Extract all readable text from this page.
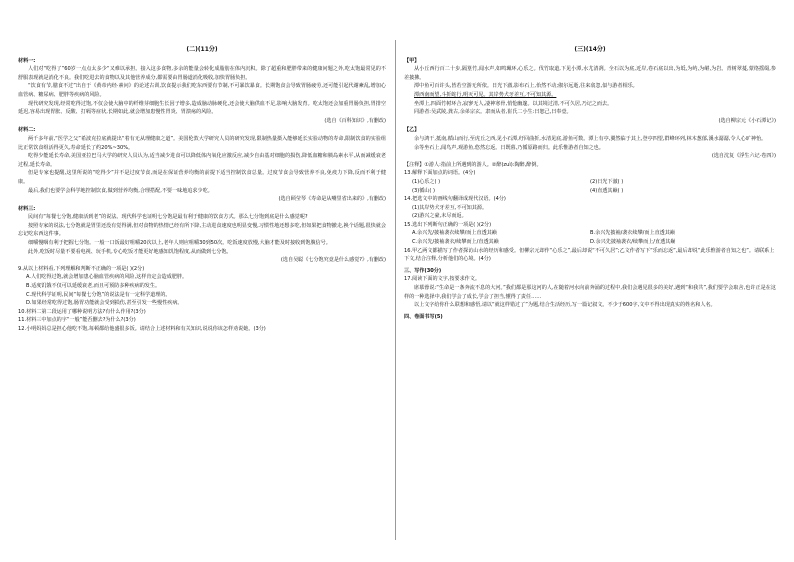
(二)(11分)
材料一:

人们对“吃得了”60岁一点点太多少“又难以承担。接入这多食物,多余的能量会转化成脂肪在体内沉积。除了超重和肥胖带来的健康问题之外,吃太饱最常见的不舒服表现就是消化不良。我们吃进去的食物以及其他营养成分,都需要由胃肠道消化吸收,加快胃肠负担。

“饮食有节,膳食不过”出自于《黄帝内经·素问》的论述古训,饮食提示我们吃东西要有节制,不可暴饮暴食。长期饱食会导致胃肠疲劳,还可能引起代谢紊乱,增加心血管病、糖尿病、肥胖等疾病的风险。

现代研究发现,经常吃得过饱,不仅会使大脑中的纤维芽细胞生长因子增多,造成脑动脉硬化,还会使大脑供血不足,影响大脑发育。吃太饱还会加重胃肠负担,胃排空延迟,容易出现胃胀、反酸、打嗝等症状,长期如此,就会增加患慢性胃炎、胃溃疡的风险。

(选自《百科知识》,有删改)

材料二:

两千多年前,“医学之父”希波克拉底就提出“着有无从理健康之道”。美国伦敦大学研究人员的研究发现,限制热量摄入能够延长实验动物的寿命,限制饮食的实验组比正常饮食组活得更久,寿命延长了约20%~30%。

吃得少能延长寿命,美国亚拉巴马大学的研究人员认为,适当减少进食可以降低体内氧化应激反应,减少自由基对细胞的损伤,降低血糖和胰岛素水平,从而减缓衰老过程,延长寿命。

但是专家也提醒,这里所说的“吃得少”并不是过度节食,而是在保证营养均衡的前提下适当控制饮食总量。过度节食会导致营养不良,免疫力下降,反而不利于健康。

最后,我们也要学会科学地控制饮食,做到营养均衡,合理搭配,不要一味地追求少吃。

(选自顾莹琴《寿命是从嘴里省出来的》,有删改)

材料三:

民间有“每餐七分饱,健康活到老”的说法。现代科学也证明七分饱是最有利于健康的饮食方式。那么七分饱到底是什么感觉呢?

按照专家的说法,七分饱就是胃里还没有觉得满,但对食物的热情已经有所下降,主动进食速度也明显变慢,习惯性地还想多吃,但如果把食物撤走,换个话题,很快就会忘记吃东西这件事。

细嚼慢咽有利于把握七分饱。一般一口饭最好咀嚼20次以上,老年人则应咀嚼30到50次。吃饭速度放慢,大脑才能及时接收到饱腹信号。

此外,吃饭时尽量不要看电视、玩手机,专心吃饭才能更好地感知饥饱程度,从而做到七分饱。

(选自吴聪《七分饱究竟是什么感觉?》,有删改)

9.从以上材料看,下列理解和判断不正确的一项是( )(2分)

A.人们吃得过饱,就会增加患心脑血管疾病的风险,这样肯定会造成肥胖。

B.适度饥饿不仅可以延缓衰老,而且可预防多种疾病的发生。

C.现代科学证明,民间“每餐七分饱”的说法是有一定科学道理的。

D.如果经常吃得过饱,肠胃功能就会受到损伤,甚至引发一些慢性疾病。

10.材料二第二段运用了哪种说明方法?有什么作用?(3分)

11.材料三中加点的字“一般”能否删去?为什么?(3分)

12.小明妈妈总是担心他吃不饱,每顿都给他盛很多饭。请结合上述材料和有关知识,说说你该怎样劝说她。(3分)

(三)(14分)
【甲】

从小丘西行百二十步,隔篁竹,闻水声,如鸣珮环,心乐之。伐竹取道,下见小潭,水尤清冽。全石以为底,近岸,卷石底以出,为坻,为屿,为嵁,为岩。青树翠蔓,蒙络摇缀,参差披拂。

潭中鱼可百许头,皆若空游无所依。日光下澈,影布石上,佁然不动;俶尔远逝,往来翕忽,似与游者相乐。

潭西南而望,斗折蛇行,明灭可见。其岸势犬牙差互,不可知其源。

坐潭上,四面竹树环合,寂寥无人,凄神寒骨,悄怆幽邃。以其境过清,不可久居,乃记之而去。

同游者:吴武陵,龚古,余弟宗玄。隶而从者,崔氏二小生:曰恕己,曰奉壹。

(选自柳宗元《小石潭记》)

【乙】

余与鸿干,抵南,循山而行,至虎丘之西,见小石潭,纡回曲折,水清见底,游鱼可数。潭上有亭,翼然临于其上,登亭四望,群峰环列,林木葱郁,溪水潺潺,令人心旷神怡。

余等坐石上,闻鸟声,观游鱼,悠然忘返。日既暮,乃循原路而归。此乐惟游者自知之也。

(选自沈复《浮生六记·卷四》)

【注释】①游人:指前上所遇到的游人。②醉(zuì):陶醉,醉倒。

13.解释下面加点的词语。(4分)

(1)心乐之( )	(2)日光下澈( )
(3)循山( )	(4)直透其巅( )

14.把选文中的画线句翻译成现代汉语。(4分)

(1)其岸势犬牙差互,不可知其源。

(2)游兴之豪,未尽而返。

15.选出下列断句正确的一项是( )(2分)

A.余兴先/披袖袭衣续攀/而上直透其巅	B.余兴先披袖/袭衣续攀/而上直透其巅
C.余兴先/披袖袭衣/续攀而上/直透其巅	D.余兴先披袖袭衣/续攀而上/直透其巅

16.甲乙两文都描写了作者探访山水的经历和感受。但柳宗元却作“心乐之”,最后却说“不可久居”;乙文作者写下“乐而忘返”,最后却说“此乐惟游者自知之也”。请联系上下文,结合注释,分析他们的心境。(4分)

三、写作(30分)

17.阅读下面的文字,按要求作文。

席慕蓉说:“生命是一条奔流不息的大河。”我们都是那这河的人,在随着河水向前奔涌的过程中,我们会遇见很多的美好,遇到“和我共”,我们要学会取舍,也许正是在这样的一种选择中,我们学会了成长,学会了担当,懂得了责任……

以上文字给你什么联想和感悟,请以“就这样错过了”为题,结合生活经历,写一篇记叙文。不少于600字,文中不得出现真实的姓名和人名。

四、卷面书写(5)
